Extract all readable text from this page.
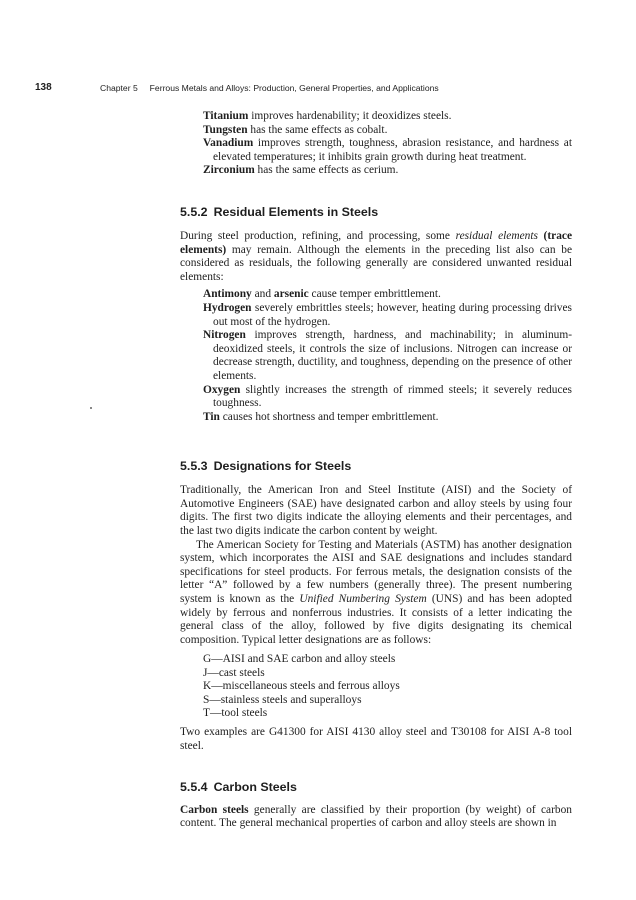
138	Chapter 5     Ferrous Metals and Alloys: Production, General Properties, and Applications
Titanium improves hardenability; it deoxidizes steels.
Tungsten has the same effects as cobalt.
Vanadium improves strength, toughness, abrasion resistance, and hardness at elevated temperatures; it inhibits grain growth during heat treatment.
Zirconium has the same effects as cerium.
5.5.2 Residual Elements in Steels

During steel production, refining, and processing, some residual elements (trace elements) may remain. Although the elements in the preceding list also can be considered as residuals, the following generally are considered unwanted residual elements:

Antimony and arsenic cause temper embrittlement.
Hydrogen severely embrittles steels; however, heating during processing drives out most of the hydrogen.
Nitrogen improves strength, hardness, and machinability; in aluminum-deoxidized steels, it controls the size of inclusions. Nitrogen can increase or decrease strength, ductility, and toughness, depending on the presence of other elements.
Oxygen slightly increases the strength of rimmed steels; it severely reduces toughness.
Tin causes hot shortness and temper embrittlement.
5.5.3 Designations for Steels

Traditionally, the American Iron and Steel Institute (AISI) and the Society of Automotive Engineers (SAE) have designated carbon and alloy steels by using four digits. The first two digits indicate the alloying elements and their percentages, and the last two digits indicate the carbon content by weight.

The American Society for Testing and Materials (ASTM) has another designation system, which incorporates the AISI and SAE designations and includes standard specifications for steel products. For ferrous metals, the designation consists of the letter “A” followed by a few numbers (generally three). The present numbering system is known as the Unified Numbering System (UNS) and has been adopted widely by ferrous and nonferrous industries. It consists of a letter indicating the general class of the alloy, followed by five digits designating its chemical composition. Typical letter designations are as follows:

G—AISI and SAE carbon and alloy steels
J—cast steels
K—miscellaneous steels and ferrous alloys
S—stainless steels and superalloys
T—tool steels

Two examples are G41300 for AISI 4130 alloy steel and T30108 for AISI A-8 tool steel.

5.5.4 Carbon Steels

Carbon steels generally are classified by their proportion (by weight) of carbon content. The general mechanical properties of carbon and alloy steels are shown in
